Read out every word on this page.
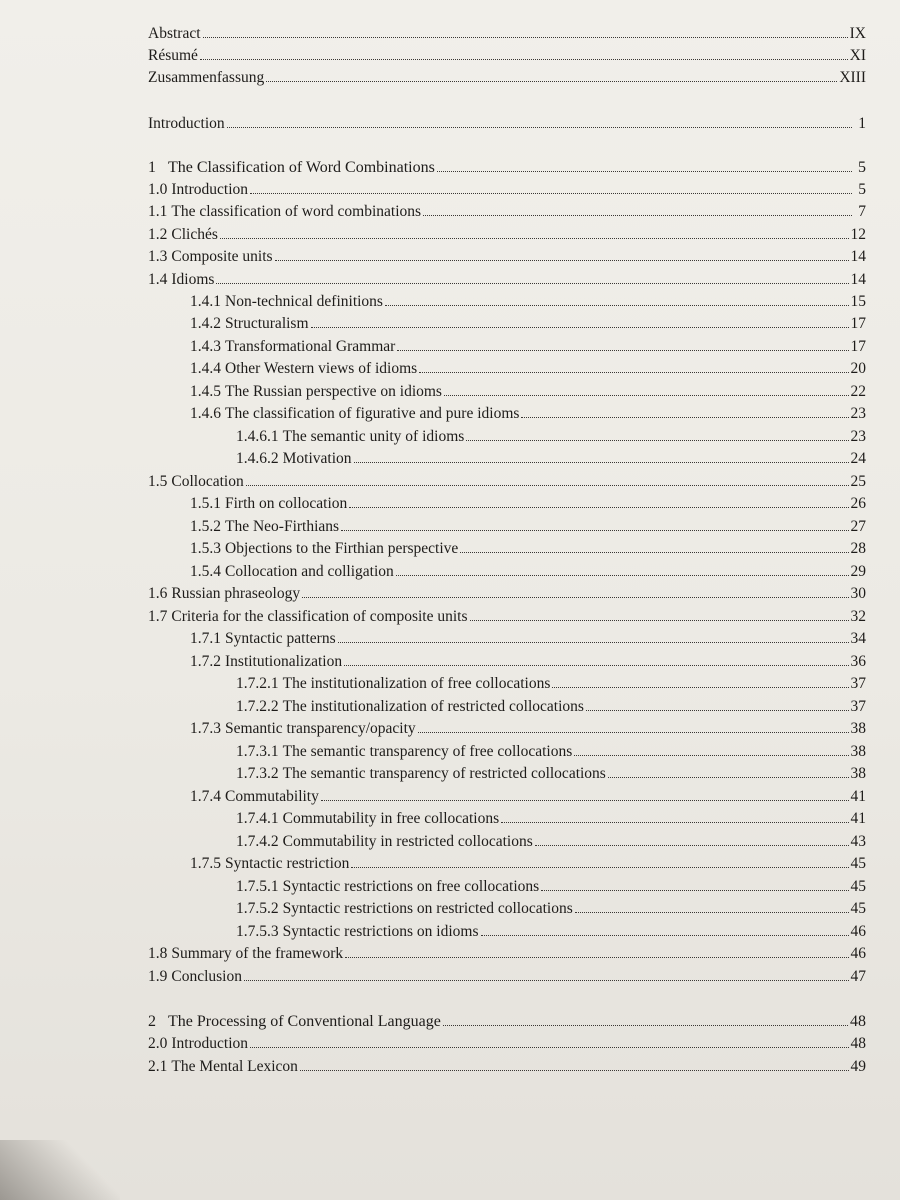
Abstract	IX
Résumé	XI
Zusammenfassung	XIII
Introduction	1
1 The Classification of Word Combinations	5
1.0 Introduction	5
1.1 The classification of word combinations	7
1.2 Clichés	12
1.3 Composite units	14
1.4 Idioms	14
1.4.1 Non-technical definitions	15
1.4.2 Structuralism	17
1.4.3 Transformational Grammar	17
1.4.4 Other Western views of idioms	20
1.4.5 The Russian perspective on idioms	22
1.4.6 The classification of figurative and pure idioms	23
1.4.6.1 The semantic unity of idioms	23
1.4.6.2 Motivation	24
1.5 Collocation	25
1.5.1 Firth on collocation	26
1.5.2 The Neo-Firthians	27
1.5.3 Objections to the Firthian perspective	28
1.5.4 Collocation and colligation	29
1.6 Russian phraseology	30
1.7 Criteria for the classification of composite units	32
1.7.1 Syntactic patterns	34
1.7.2 Institutionalization	36
1.7.2.1 The institutionalization of free collocations	37
1.7.2.2 The institutionalization of restricted collocations	37
1.7.3 Semantic transparency/opacity	38
1.7.3.1 The semantic transparency of free collocations	38
1.7.3.2 The semantic transparency of restricted collocations	38
1.7.4 Commutability	41
1.7.4.1 Commutability in free collocations	41
1.7.4.2 Commutability in restricted collocations	43
1.7.5 Syntactic restriction	45
1.7.5.1 Syntactic restrictions on free collocations	45
1.7.5.2 Syntactic restrictions on restricted collocations	45
1.7.5.3 Syntactic restrictions on idioms	46
1.8 Summary of the framework	46
1.9 Conclusion	47
2 The Processing of Conventional Language	48
2.0 Introduction	48
2.1 The Mental Lexicon	49
